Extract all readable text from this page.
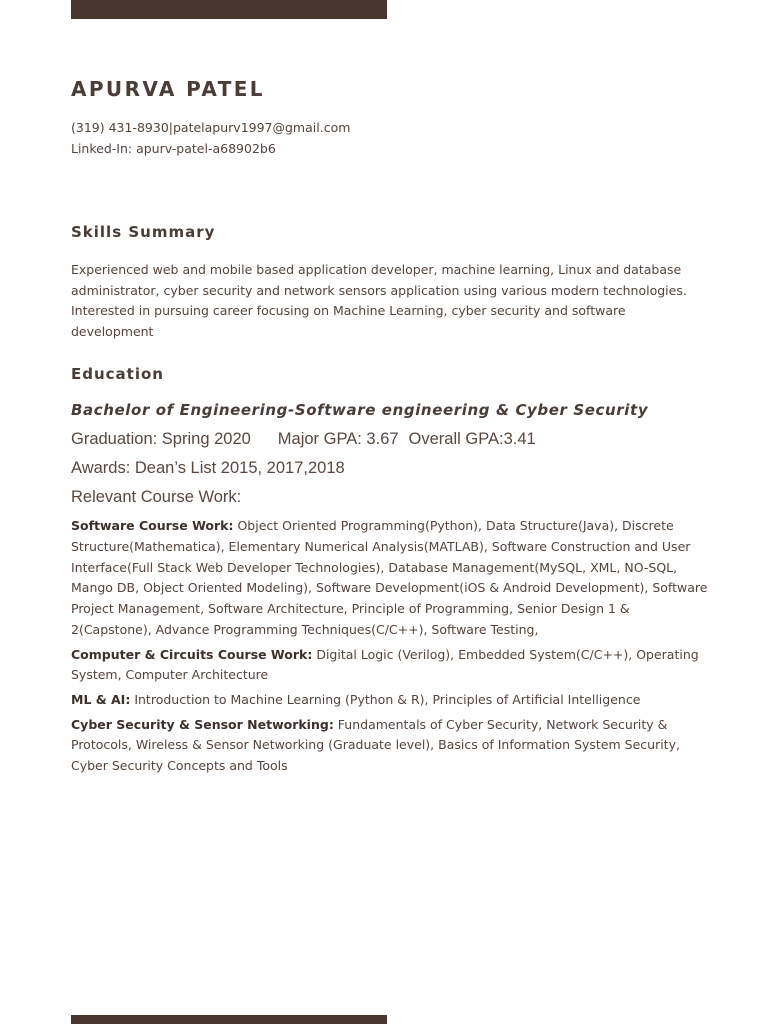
APURVA PATEL
(319) 431-8930|patelapurv1997@gmail.com
Linked-In: apurv-patel-a68902b6
Skills Summary
Experienced web and mobile based application developer, machine learning, Linux and database administrator, cyber security and network sensors application using various modern technologies. Interested in pursuing career focusing on Machine Learning, cyber security and software development
Education
Bachelor of Engineering-Software engineering & Cyber Security
Graduation: Spring 2020 Major GPA: 3.67 Overall GPA:3.41
Awards: Dean’s List 2015, 2017,2018
Relevant Course Work:
Software Course Work: Object Oriented Programming(Python), Data Structure(Java), Discrete Structure(Mathematica), Elementary Numerical Analysis(MATLAB), Software Construction and User Interface(Full Stack Web Developer Technologies), Database Management(MySQL, XML, NO-SQL, Mango DB, Object Oriented Modeling), Software Development(iOS & Android Development), Software Project Management, Software Architecture, Principle of Programming, Senior Design 1 & 2(Capstone), Advance Programming Techniques(C/C++), Software Testing,
Computer & Circuits Course Work: Digital Logic (Verilog), Embedded System(C/C++), Operating System, Computer Architecture
ML & AI: Introduction to Machine Learning (Python & R), Principles of Artificial Intelligence
Cyber Security & Sensor Networking: Fundamentals of Cyber Security, Network Security & Protocols, Wireless & Sensor Networking (Graduate level), Basics of Information System Security, Cyber Security Concepts and Tools
